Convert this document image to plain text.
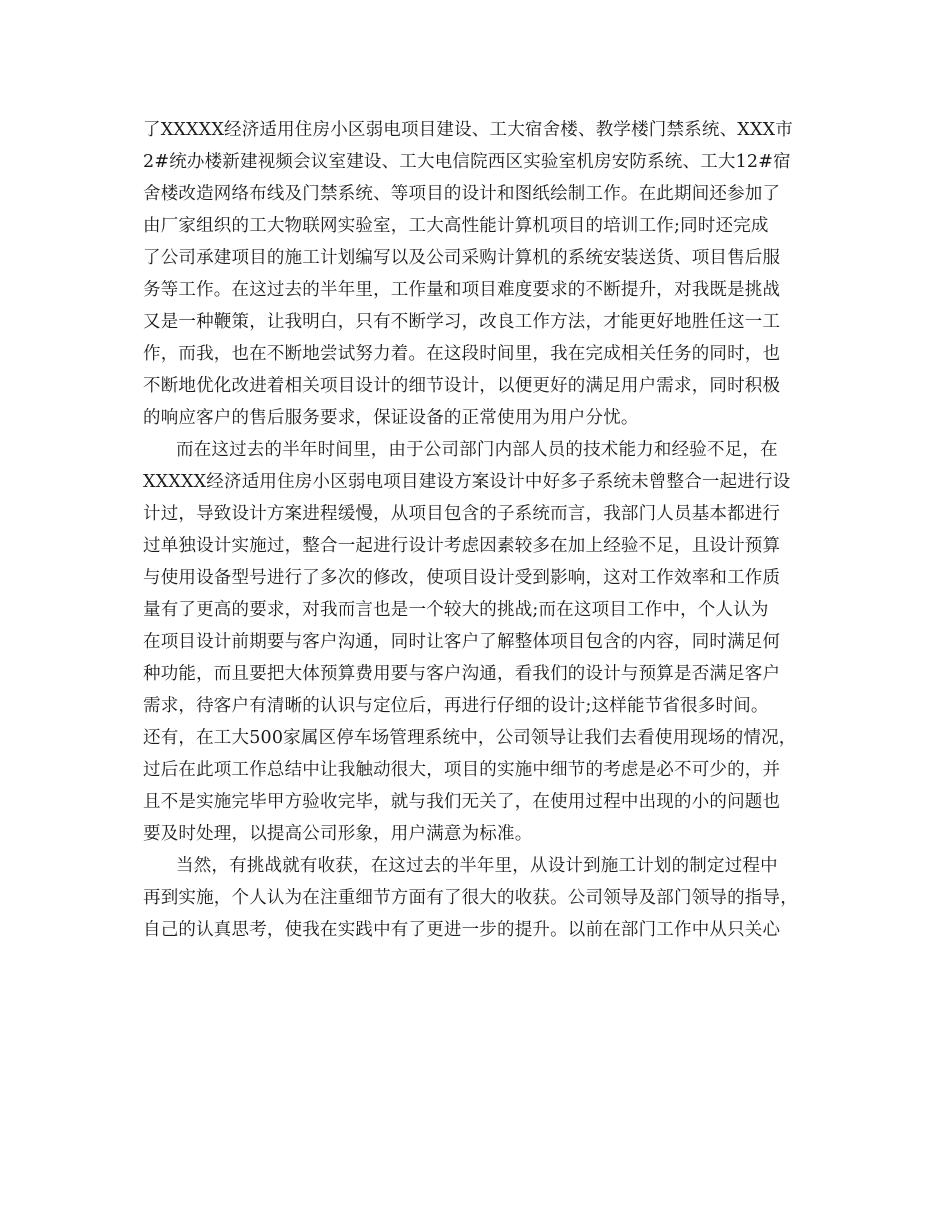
了XXXXX经济适用住房小区弱电项目建设、工大宿舍楼、教学楼门禁系统、XXX市
2#统办楼新建视频会议室建设、工大电信院西区实验室机房安防系统、工大12#宿
舍楼改造网络布线及门禁系统、等项目的设计和图纸绘制工作。在此期间还参加了
由厂家组织的工大物联网实验室，工大高性能计算机项目的培训工作;同时还完成
了公司承建项目的施工计划编写以及公司采购计算机的系统安装送货、项目售后服
务等工作。在这过去的半年里，工作量和项目难度要求的不断提升，对我既是挑战
又是一种鞭策，让我明白，只有不断学习，改良工作方法，才能更好地胜任这一工
作，而我，也在不断地尝试努力着。在这段时间里，我在完成相关任务的同时，也
不断地优化改进着相关项目设计的细节设计，以便更好的满足用户需求，同时积极
的响应客户的售后服务要求，保证设备的正常使用为用户分忧。
而在这过去的半年时间里，由于公司部门内部人员的技术能力和经验不足，在
XXXXX经济适用住房小区弱电项目建设方案设计中好多子系统未曾整合一起进行设
计过，导致设计方案进程缓慢，从项目包含的子系统而言，我部门人员基本都进行
过单独设计实施过，整合一起进行设计考虑因素较多在加上经验不足，且设计预算
与使用设备型号进行了多次的修改，使项目设计受到影响，这对工作效率和工作质
量有了更高的要求，对我而言也是一个较大的挑战;而在这项目工作中，个人认为
在项目设计前期要与客户沟通，同时让客户了解整体项目包含的内容，同时满足何
种功能，而且要把大体预算费用要与客户沟通，看我们的设计与预算是否满足客户
需求，待客户有清晰的认识与定位后，再进行仔细的设计;这样能节省很多时间。
还有，在工大500家属区停车场管理系统中，公司领导让我们去看使用现场的情况，
过后在此项工作总结中让我触动很大，项目的实施中细节的考虑是必不可少的，并
且不是实施完毕甲方验收完毕，就与我们无关了，在使用过程中出现的小的问题也
要及时处理，以提高公司形象，用户满意为标准。
当然，有挑战就有收获，在这过去的半年里，从设计到施工计划的制定过程中
再到实施，个人认为在注重细节方面有了很大的收获。公司领导及部门领导的指导，
自己的认真思考，使我在实践中有了更进一步的提升。以前在部门工作中从只关心
